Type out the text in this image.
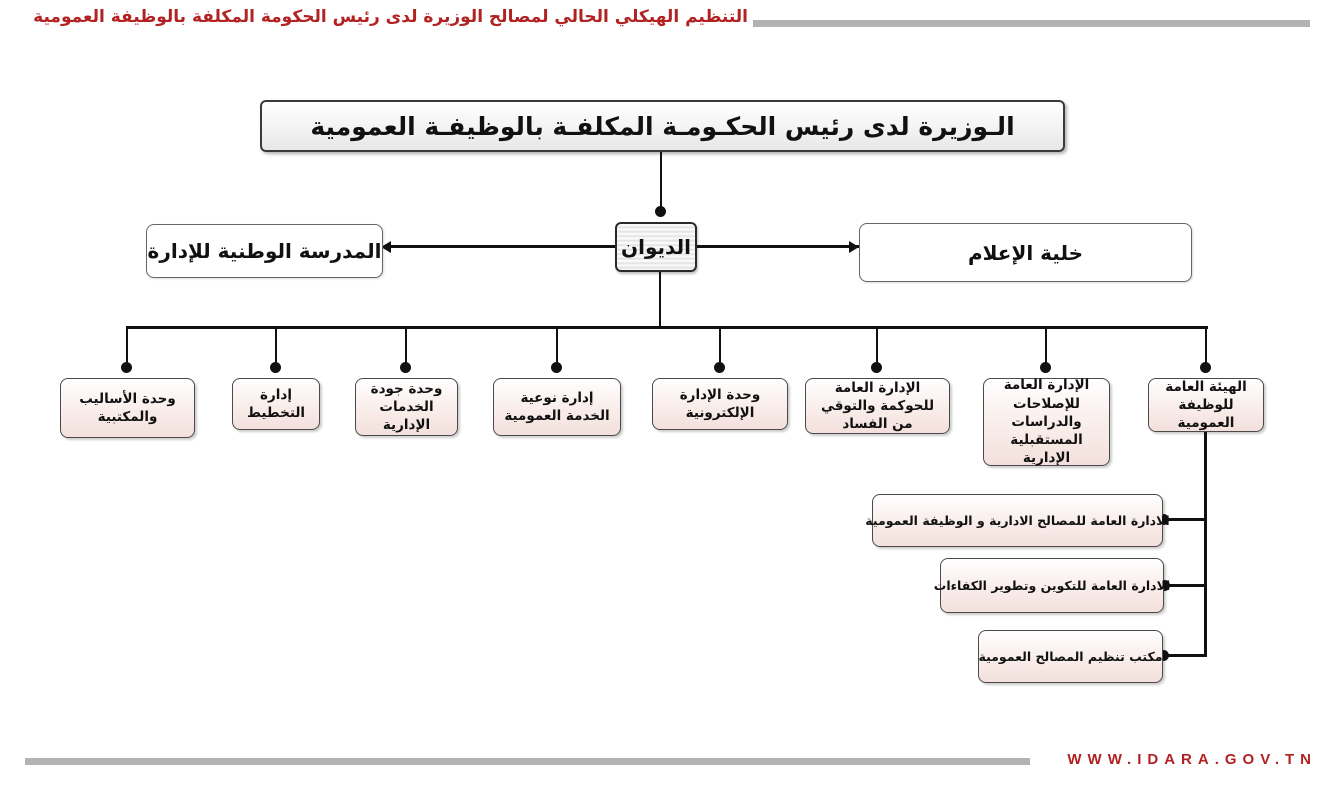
التنظيم الهيكلي الحالي لمصالح الوزيرة لدى رئيس الحكومة المكلفة بالوظيفة العمومية
الـوزيرة لدى رئيس الحكـومـة المكلفـة بالوظيفـة العمومية
المدرسة الوطنية للإدارة	الديوان	خلية الإعلام
وحدة الأساليب والمكتبية
إدارة التخطيط
وحدة جودة الخدمات الإدارية
إدارة نوعية الخدمة العمومية
وحدة الإدارة الإلكترونية
الإدارة العامة للحوكمة والتوقي من الفساد
الإدارة العامة للإصلاحات والدراسات المستقبلية الإدارية
الهيئة العامة للوظيفة العمومية
الادارة العامة للمصالح الادارية و الوظيفة العمومية
الادارة العامة للتكوين وتطوير الكفاءات
مكتب تنظيم المصالح العمومية
WWW.IDARA.GOV.TN
